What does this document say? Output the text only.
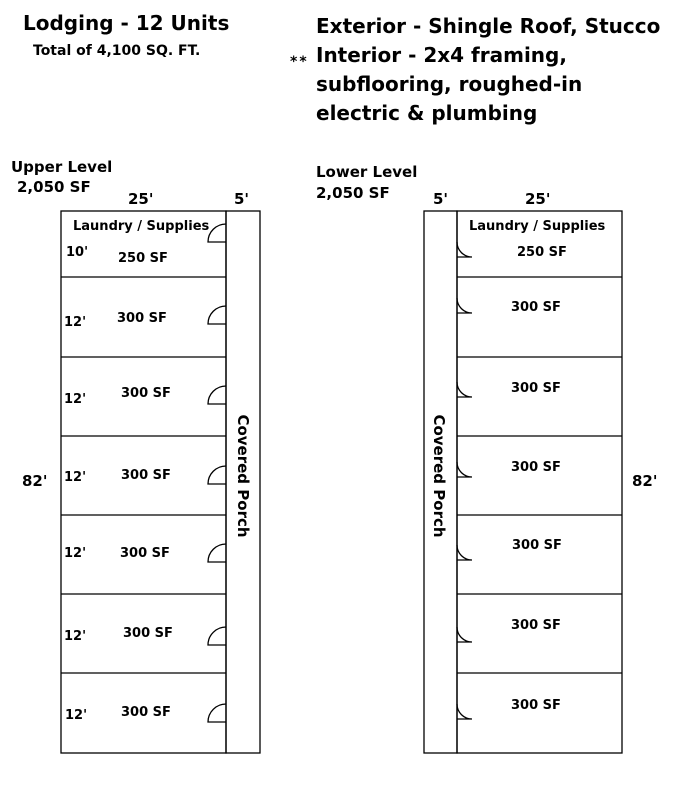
Lodging - 12 Units
Total of 4,100 SQ. FT.
**
Exterior - Shingle Roof, Stucco
Interior - 2x4 framing,
subflooring, roughed-in
electric & plumbing
Upper Level
2,050 SF
25'	5'
82'	Covered Porch
Laundry / Supplies
10' 250 SF
12' 300 SF
12'	300 SF
12'	300 SF
12'	300 SF
12'	300 SF
12'	300 SF
Lower Level
2,050 SF	5'	25'
82'
Covered Porch
Laundry / Supplies
250 SF
300 SF
300 SF
300 SF
300 SF
300 SF
300 SF
